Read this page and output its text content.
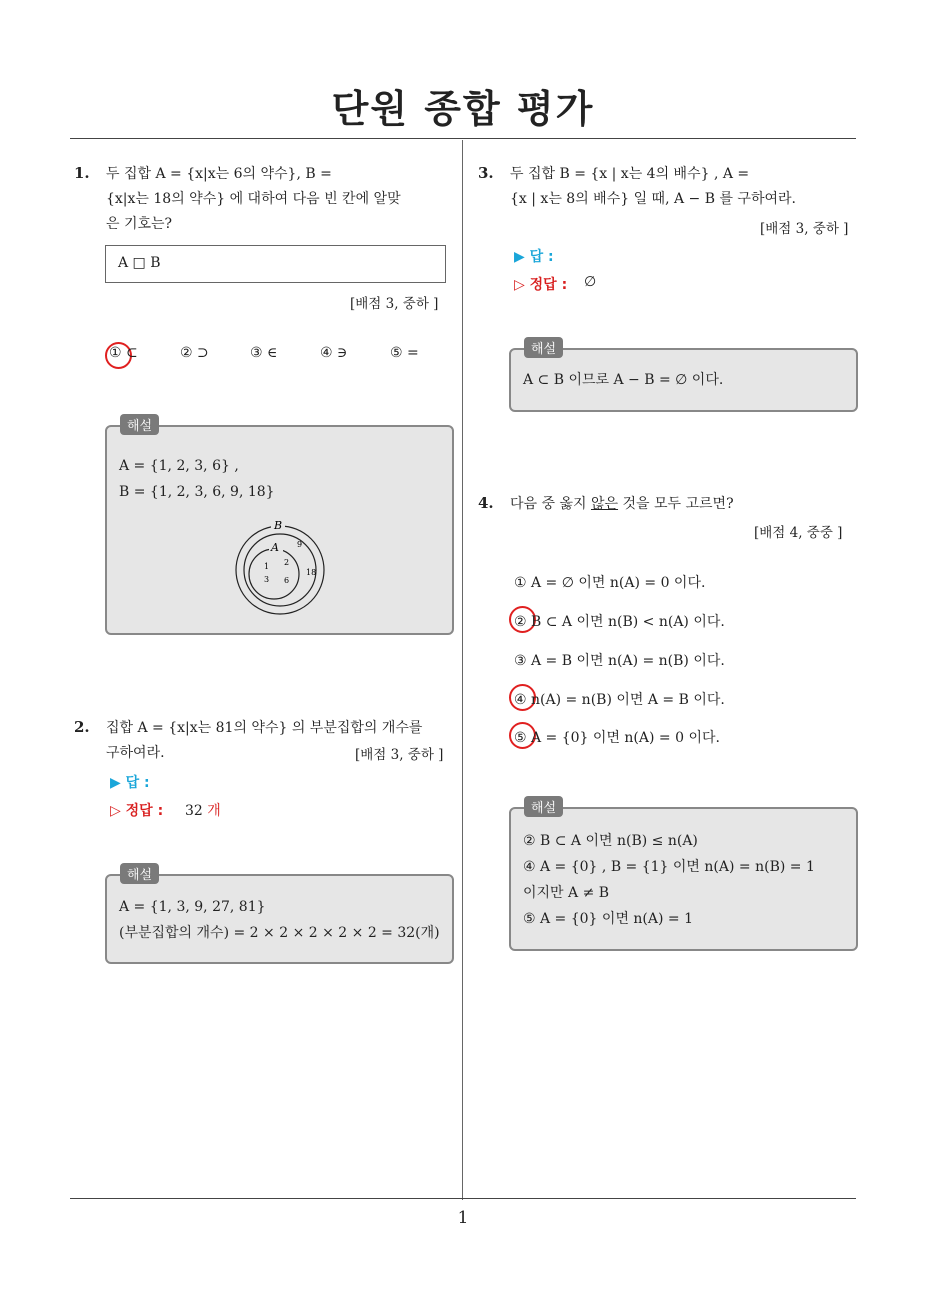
단원 종합 평가
1
1. 두 집합 A = {x|x는 6의 약수}, B =
{x|x는 18의 약수} 에 대하여 다음 빈 칸에 알맞
은 기호는?
A □ B
[배점 3, 중하 ]
① ⊂	② ⊃	③ ∈	④ ∋	⑤ =
A = {1, 2, 3, 6} ,
B = {1, 2, 3, 6, 9, 18}
B
A
1 2
3 6
9
18
해설
2. 집합 A = {x|x는 81의 약수} 의 부분집합의 개수를
구하여라.	[배점 3, 중하 ]
▶ 답 :
▷ 정답 : 32 개
A = {1, 3, 9, 27, 81}
(부분집합의 개수) = 2 × 2 × 2 × 2 × 2 = 32(개)
해설
3. 두 집합 B = {x | x는 4의 배수} , A =
{x | x는 8의 배수} 일 때, A − B 를 구하여라.
[배점 3, 중하 ]
▶ 답 :
▷ 정답 : ∅
A ⊂ B 이므로 A − B = ∅ 이다.
해설
4. 다음 중 옳지 않은 것을 모두 고르면?
[배점 4, 중중 ]
① A = ∅ 이면 n(A) = 0 이다.
② B ⊂ A 이면 n(B) < n(A) 이다.
③ A = B 이면 n(A) = n(B) 이다.
④ n(A) = n(B) 이면 A = B 이다.
⑤ A = {0} 이면 n(A) = 0 이다.
② B ⊂ A 이면 n(B) ≤ n(A)
④ A = {0} , B = {1} 이면 n(A) = n(B) = 1
이지만 A ≠ B
⑤ A = {0} 이면 n(A) = 1
해설
